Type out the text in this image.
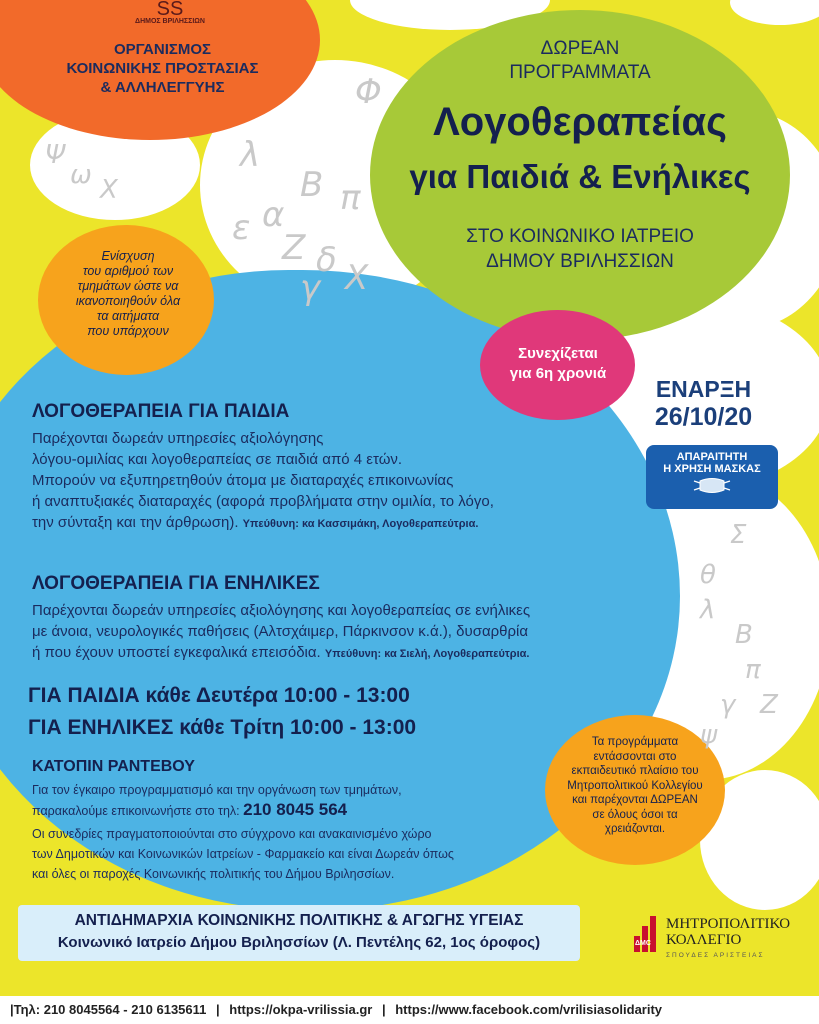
Φ
λ
Β
α
ε Ζ δ
π
Χ
γ
Ψ
ω Χ
θ
λ
Β
π
Ζ
γ
ψ
Σ
SS
ΔΗΜΟΣ ΒΡΙΛΗΣΣΙΩΝ
ΟΡΓΑΝΙΣΜΟΣ
ΚΟΙΝΩΝΙΚΗΣ ΠΡΟΣΤΑΣΙΑΣ
& ΑΛΛΗΛΕΓΓΥΗΣ
ΔΩΡΕΑΝ
ΠΡΟΓΡΑΜΜΑΤΑ
Λογοθεραπείας
για Παιδιά & Ενήλικες
ΣΤΟ ΚΟΙΝΩΝΙΚΟ ΙΑΤΡΕΙΟ
ΔΗΜΟΥ ΒΡΙΛΗΣΣΙΩΝ
Ενίσχυση
του αριθμού των
τμημάτων ώστε να
ικανοποιηθούν όλα
τα αιτήματα
που υπάρχουν
Συνεχίζεται
για 6η χρονιά
ΕΝΑΡΞΗ
26/10/20
ΑΠΑΡΑΙΤΗΤΗ
Η ΧΡΗΣΗ ΜΑΣΚΑΣ
ΛΟΓΟΘΕΡΑΠΕΙΑ ΓΙΑ ΠΑΙΔΙΑ
Παρέχονται δωρεάν υπηρεσίες αξιολόγησης
λόγου-ομιλίας και λογοθεραπείας σε παιδιά από 4 ετών.
Μπορούν να εξυπηρετηθούν άτομα με διαταραχές επικοινωνίας
ή αναπτυξιακές διαταραχές (αφορά προβλήματα στην ομιλία, το λόγο,
την σύνταξη και την άρθρωση). Υπεύθυνη: κα Κασσιμάκη, Λογοθεραπεύτρια.
ΛΟΓΟΘΕΡΑΠΕΙΑ ΓΙΑ ΕΝΗΛΙΚΕΣ
Παρέχονται δωρεάν υπηρεσίες αξιολόγησης και λογοθεραπείας σε ενήλικες
με άνοια, νευρολογικές παθήσεις (Αλτσχάιμερ, Πάρκινσον κ.ά.), δυσαρθρία
ή που έχουν υποστεί εγκεφαλικά επεισόδια. Υπεύθυνη: κα Σιελή, Λογοθεραπεύτρια.
ΓΙΑ ΠΑΙΔΙΑ κάθε Δευτέρα 10:00 - 13:00
ΓΙΑ ΕΝΗΛΙΚΕΣ κάθε Τρίτη 10:00 - 13:00
ΚΑΤΟΠΙΝ ΡΑΝΤΕΒΟΥ
Για τον έγκαιρο προγραμματισμό και την οργάνωση των τμημάτων,
παρακαλούμε επικοινωνήστε στο τηλ: 210 8045 564
Οι συνεδρίες πραγματοποιούνται στο σύγχρονο και ανακαινισμένο χώρο
των Δημοτικών και Κοινωνικών Ιατρείων - Φαρμακείο και είναι Δωρεάν όπως
και όλες οι παροχές Κοινωνικής πολιτικής του Δήμου Βριλησσίων.
Τα προγράμματα
εντάσσονται στο
εκπαιδευτικό πλαίσιο του
Μητροπολιτικού Κολλεγίου
και παρέχονται ΔΩΡΕΑΝ
σε όλους όσοι τα
χρειάζονται.
ΑΝΤΙΔΗΜΑΡΧΙΑ ΚΟΙΝΩΝΙΚΗΣ ΠΟΛΙΤΙΚΗΣ & ΑΓΩΓΗΣ ΥΓΕΙΑΣ
Κοινωνικό Ιατρείο Δήμου Βριλησσίων (Λ. Πεντέλης 62, 1ος όροφος)	ΔΜC
ΜΗΤΡΟΠΟΛΙΤΙΚΟ
ΚΟΛΛΕΓΙΟ
ΣΠΟΥΔΕΣ ΑΡΙΣΤΕΙΑΣ
|Τηλ: 210 8045564 - 210 6135611 | https://okpa-vrilissia.gr | https://www.facebook.com/vrilisiasolidarity
